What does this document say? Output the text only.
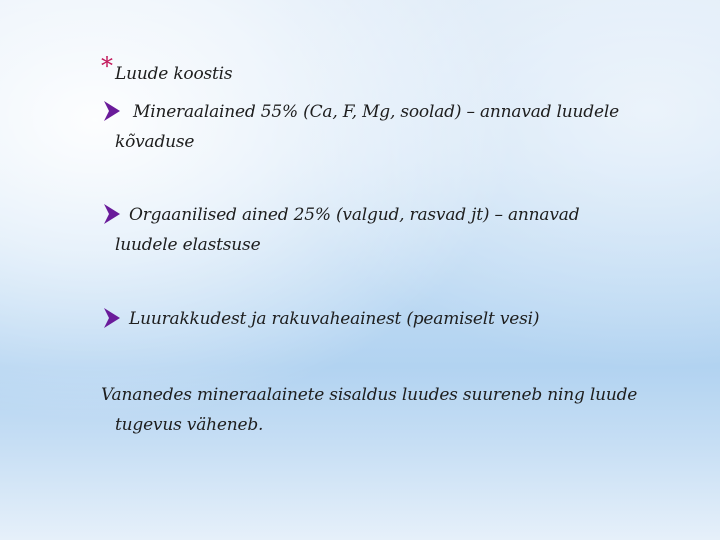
* Luude koostis
Mineraalained 55% (Ca, F, Mg, soolad) – annavad luudele
kõvaduse
Orgaanilised ained 25% (valgud, rasvad jt) – annavad
luudele elastsuse
Luurakkudest ja rakuvaheainest (peamiselt vesi)
Vananedes mineraalainete sisaldus luudes suureneb ning luude
tugevus väheneb.
